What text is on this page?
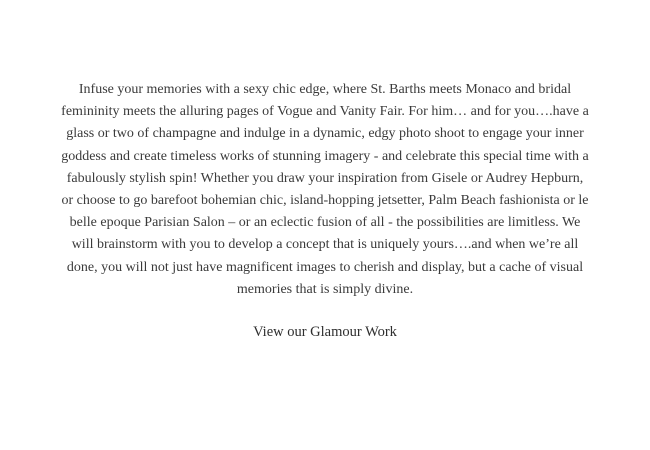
Infuse your memories with a sexy chic edge, where St. Barths meets Monaco and bridal femininity meets the alluring pages of Vogue and Vanity Fair. For him… and for you….have a glass or two of champagne and indulge in a dynamic, edgy photo shoot to engage your inner goddess and create timeless works of stunning imagery - and celebrate this special time with a fabulously stylish spin! Whether you draw your inspiration from Gisele or Audrey Hepburn, or choose to go barefoot bohemian chic, island-hopping jetsetter, Palm Beach fashionista or le belle epoque Parisian Salon – or an eclectic fusion of all - the possibilities are limitless. We will brainstorm with you to develop a concept that is uniquely yours….and when we’re all done, you will not just have magnificent images to cherish and display, but a cache of visual memories that is simply divine.

View our Glamour Work
